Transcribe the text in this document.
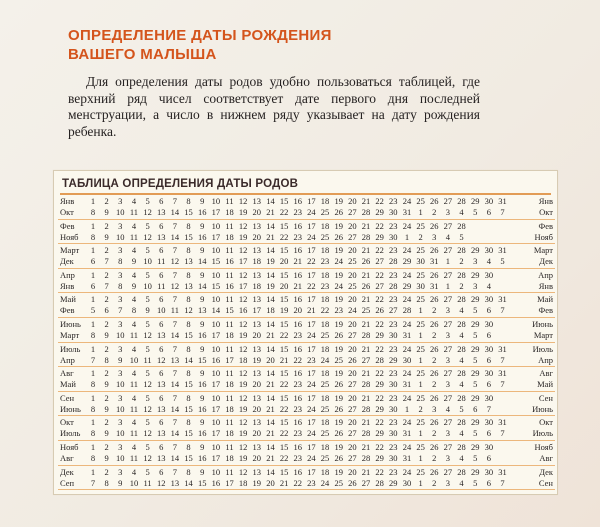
ОПРЕДЕЛЕНИЕ ДАТЫ РОЖДЕНИЯ
ВАШЕГО МАЛЫША

Для определения даты родов удобно пользоваться таблицей, где верхний ряд чисел соответствует дате первого дня последней менструации, а число в нижнем ряду указывает на дату рождения ребенка.

ТАБЛИЦА ОПРЕДЕЛЕНИЯ ДАТЫ РОДОВ
Янв	1	2	3	4	5	6	7	8	9 10 11 12 13 14 15 16 17 18 19 20 21 22 23 24 25 26 27 28 29 30 31	Янв
Окт	8	9 10 11 12 13 14 15 16 17 18 19 20 21 22 23 24 25 26 27 28 29 30 31 1	2	3	4	5	6	7	Окт
Фев	1	2	3	4	5	6	7	8	9 10 11 12 13 14 15 16 17 18 19 20 21 22 23 24 25 26 27 28	Фев
Нояб	8	9 10 11 12 13 14 15 16 17 18 19 20 21 22 23 24 25 26 27 28 29 30 1	2	3	4	5	Нояб
Март	1	2	3	4	5	6	7	8	9 10 11 12 13 14 15 16 17 18 19 20 21 22 23 24 25 26 27 28 29 30 31	Март
Дек	6	7	8	9 10 11 12 13 14 15 16 17 18 19 20 21 22 23 24 25 26 27 28 29 30 31 1	2	3	4	5	Дек
Апр	1	2	3	4	5	6	7	8	9 10 11 12 13 14 15 16 17 18 19 20 21 22 23 24 25 26 27 28 29 30	Апр
Янв	6	7	8	9 10 11 12 13 14 15 16 17 18 19 20 21 22 23 24 25 26 27 28 29 30 31 1	2	3	4	Янв
Май	1	2	3	4	5	6	7	8	9 10 11 12 13 14 15 16 17 18 19 20 21 22 23 24 25 26 27 28 29 30 31	Май
Фев	5	6	7	8	9 10 11 12 13 14 15 16 17 18 19 20 21 22 23 24 25 26 27 28 1	2	3	4	5	6	7	Фев
Июнь	1	2	3	4	5	6	7	8	9 10 11 12 13 14 15 16 17 18 19 20 21 22 23 24 25 26 27 28 29 30	Июнь
Март	8	9 10 11 12 13 14 15 16 17 18 19 20 21 22 23 24 25 26 27 28 29 30 31 1	2	3	4	5	6	Март
Июль	1	2	3	4	5	6	7	8	9 10 11 12 13 14 15 16 17 18 19 20 21 22 23 24 25 26 27 28 29 30 31	Июль
Апр	7	8	9 10 11 12 13 14 15 16 17 18 19 20 21 22 23 24 25 26 27 28 29 30 1	2	3	4	5	6	7	Апр
Авг	1	2	3	4	5	6	7	8	9 10 11 12 13 14 15 16 17 18 19 20 21 22 23 24 25 26 27 28 29 30 31	Авг
Май	8	9 10 11 12 13 14 15 16 17 18 19 20 21 22 23 24 25 26 27 28 29 30 31 1	2	3	4	5	6	7	Май
Сен	1	2	3	4	5	6	7	8	9 10 11 12 13 14 15 16 17 18 19 20 21 22 23 24 25 26 27 28 29 30	Сен
Июнь	8	9 10 11 12 13 14 15 16 17 18 19 20 21 22 23 24 25 26 27 28 29 30 1	2	3	4	5	6	7	Июнь
Окт	1	2	3	4	5	6	7	8	9 10 11 12 13 14 15 16 17 18 19 20 21 22 23 24 25 26 27 28 29 30 31	Окт
Июль	8	9 10 11 12 13 14 15 16 17 18 19 20 21 22 23 24 25 26 27 28 29 30 31 1	2	3	4	5	6	7	Июль
Нояб	1	2	3	4	5	6	7	8	9 10 11 12 13 14 15 16 17 18 19 20 21 22 23 24 25 26 27 28 29 30	Нояб
Авг	8	9 10 11 12 13 14 15 16 17 18 19 20 21 22 23 24 25 26 27 28 29 30 31 1	2	3	4	5	6	Авг
Дек	1	2	3	4	5	6	7	8	9 10 11 12 13 14 15 16 17 18 19 20 21 22 23 24 25 26 27 28 29 30 31	Дек
Сеп	7	8	9 10 11 12 13 14 15 16 17 18 19 20 21 22 23 24 25 26 27 28 29 30 1	2	3	4	5	6	7	Сен
